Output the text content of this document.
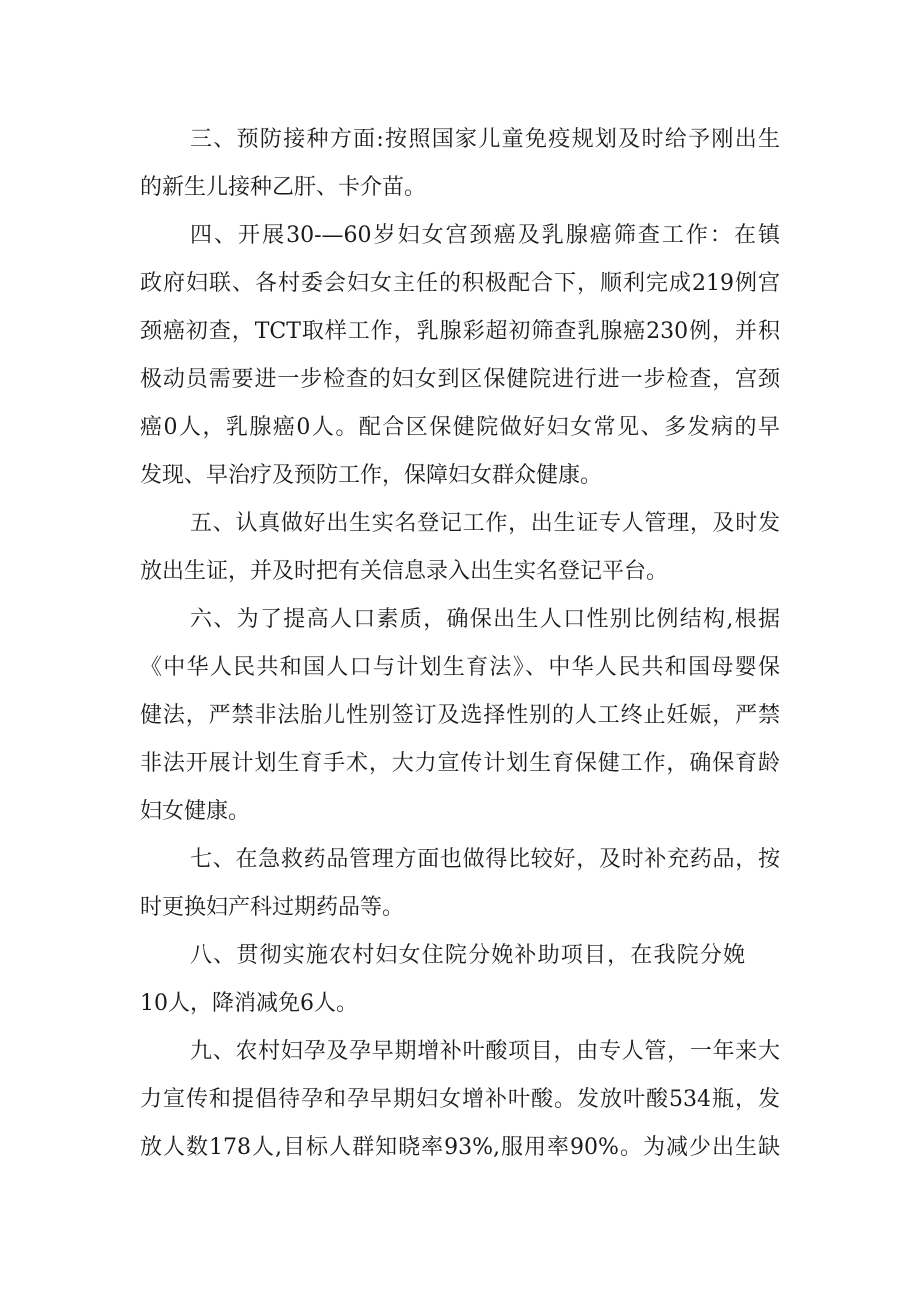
三、预防接种方面:按照国家儿童免疫规划及时给予刚出生
的新生儿接种乙肝、卡介苗。
四、开展30-—60岁妇女宫颈癌及乳腺癌筛查工作：在镇
政府妇联、各村委会妇女主任的积极配合下，顺利完成219例宫
颈癌初查，TCT取样工作，乳腺彩超初筛查乳腺癌230例，并积
极动员需要进一步检查的妇女到区保健院进行进一步检查，宫颈
癌0人，乳腺癌0人。配合区保健院做好妇女常见、多发病的早
发现、早治疗及预防工作，保障妇女群众健康。
五、认真做好出生实名登记工作，出生证专人管理，及时发
放出生证，并及时把有关信息录入出生实名登记平台。
六、为了提高人口素质，确保出生人口性别比例结构,根据
《中华人民共和国人口与计划生育法》、中华人民共和国母婴保
健法，严禁非法胎儿性别签订及选择性别的人工终止妊娠，严禁
非法开展计划生育手术，大力宣传计划生育保健工作，确保育龄
妇女健康。
七、在急救药品管理方面也做得比较好，及时补充药品，按
时更换妇产科过期药品等。
八、贯彻实施农村妇女住院分娩补助项目，在我院分娩
10人，降消减免6人。
九、农村妇孕及孕早期增补叶酸项目，由专人管，一年来大
力宣传和提倡待孕和孕早期妇女增补叶酸。发放叶酸534瓶，发
放人数178人,目标人群知晓率93%,服用率90%。为减少出生缺
